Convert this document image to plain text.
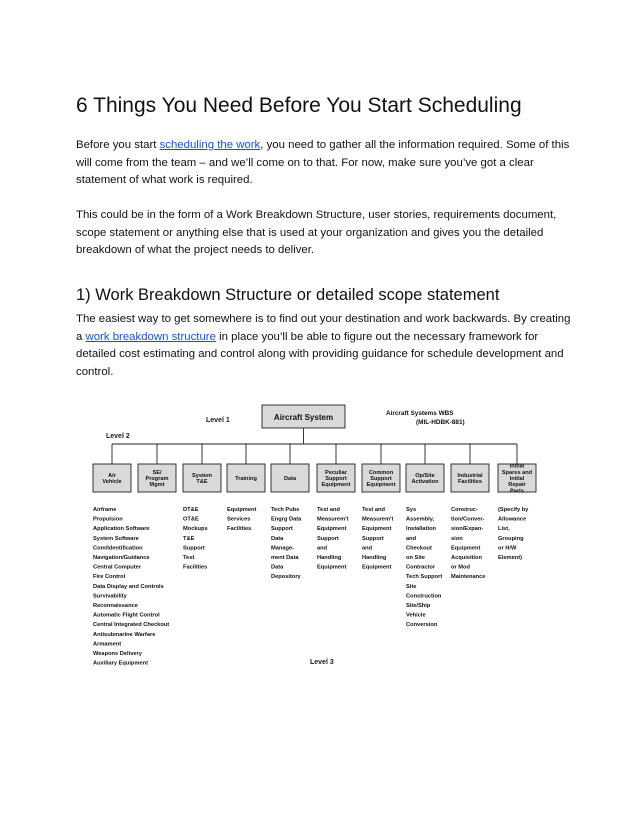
6 Things You Need Before You Start Scheduling

Before you start scheduling the work, you need to gather all the information required. Some of this will come from the team – and we’ll come on to that. For now, make sure you’ve got a clear statement of what work is required.

This could be in the form of a Work Breakdown Structure, user stories, requirements document, scope statement or anything else that is used at your organization and gives you the detailed breakdown of what the project needs to deliver.

1) Work Breakdown Structure or detailed scope statement

The easiest way to get somewhere is to find out your destination and work backwards. By creating a work breakdown structure in place you’ll be able to figure out the necessary framework for detailed cost estimating and control along with providing guidance for schedule development and control.

Level 1
Level 2
Level 3
Aircraft System	Aircraft Systems WBS
(MIL-HDBK-881)
Air
Vehicle
Airframe
Propulsion
Application Software
System Software
Com/Identification
Navigation/Guidance
Central Computer
Fire Control
Data Display and Controls
Survivability
Reconnaissance
Automatic Flight Control
Central Integrated Checkout
Antisubmarine Warfare
Armament
Weapons Delivery
Auxiliary Equipment
SE/
Program
Mgmt
System
T&E
DT&E
OT&E
Mockups
T&E
Support
Test
Facilities
Training
Equipment
Services
Facilities
Data
Tech Pubs
Engrg Data
Support
Data
Manage-
ment Data
Data
Depository
Peculiar
Support
Equipment
Test and
Measurem't
Equipment
Support
and
Handling
Equipment
Common
Support
Equipment
Test and
Measurem't
Equipment
Support
and
Handling
Equipment
Op/Site
Activation
Sys
Assembly,
Installation
and
Checkout
on Site
Contractor
Tech Support
Site
Construction
Site/Ship
Vehicle
Conversion
Industrial
Facilities
Construc-
tion/Conver-
sion/Expan-
sion
Equipment
Acquisition
or Mod
Maintenance
Initial
Spares and
Initial
Repair
Parts
(Specify by
Allowance
List,
Grouping
or H/W
Element)
